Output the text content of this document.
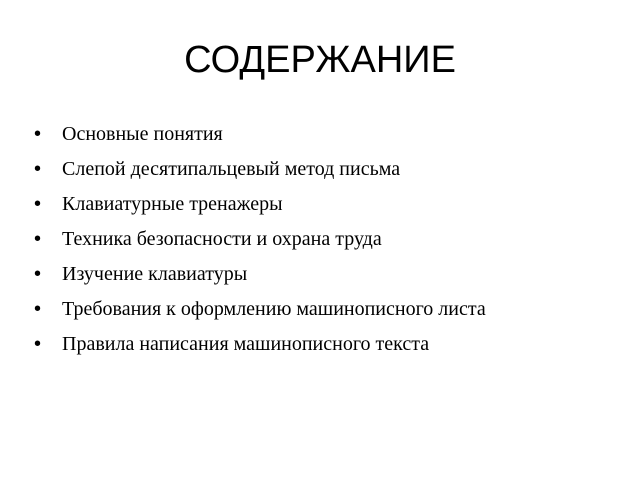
СОДЕРЖАНИЕ
•	Основные понятия
•	Слепой десятипальцевый метод письма
•	Клавиатурные тренажеры
•	Техника безопасности и охрана труда
•	Изучение клавиатуры
•	Требования к оформлению машинописного листа
•	Правила написания машинописного текста
